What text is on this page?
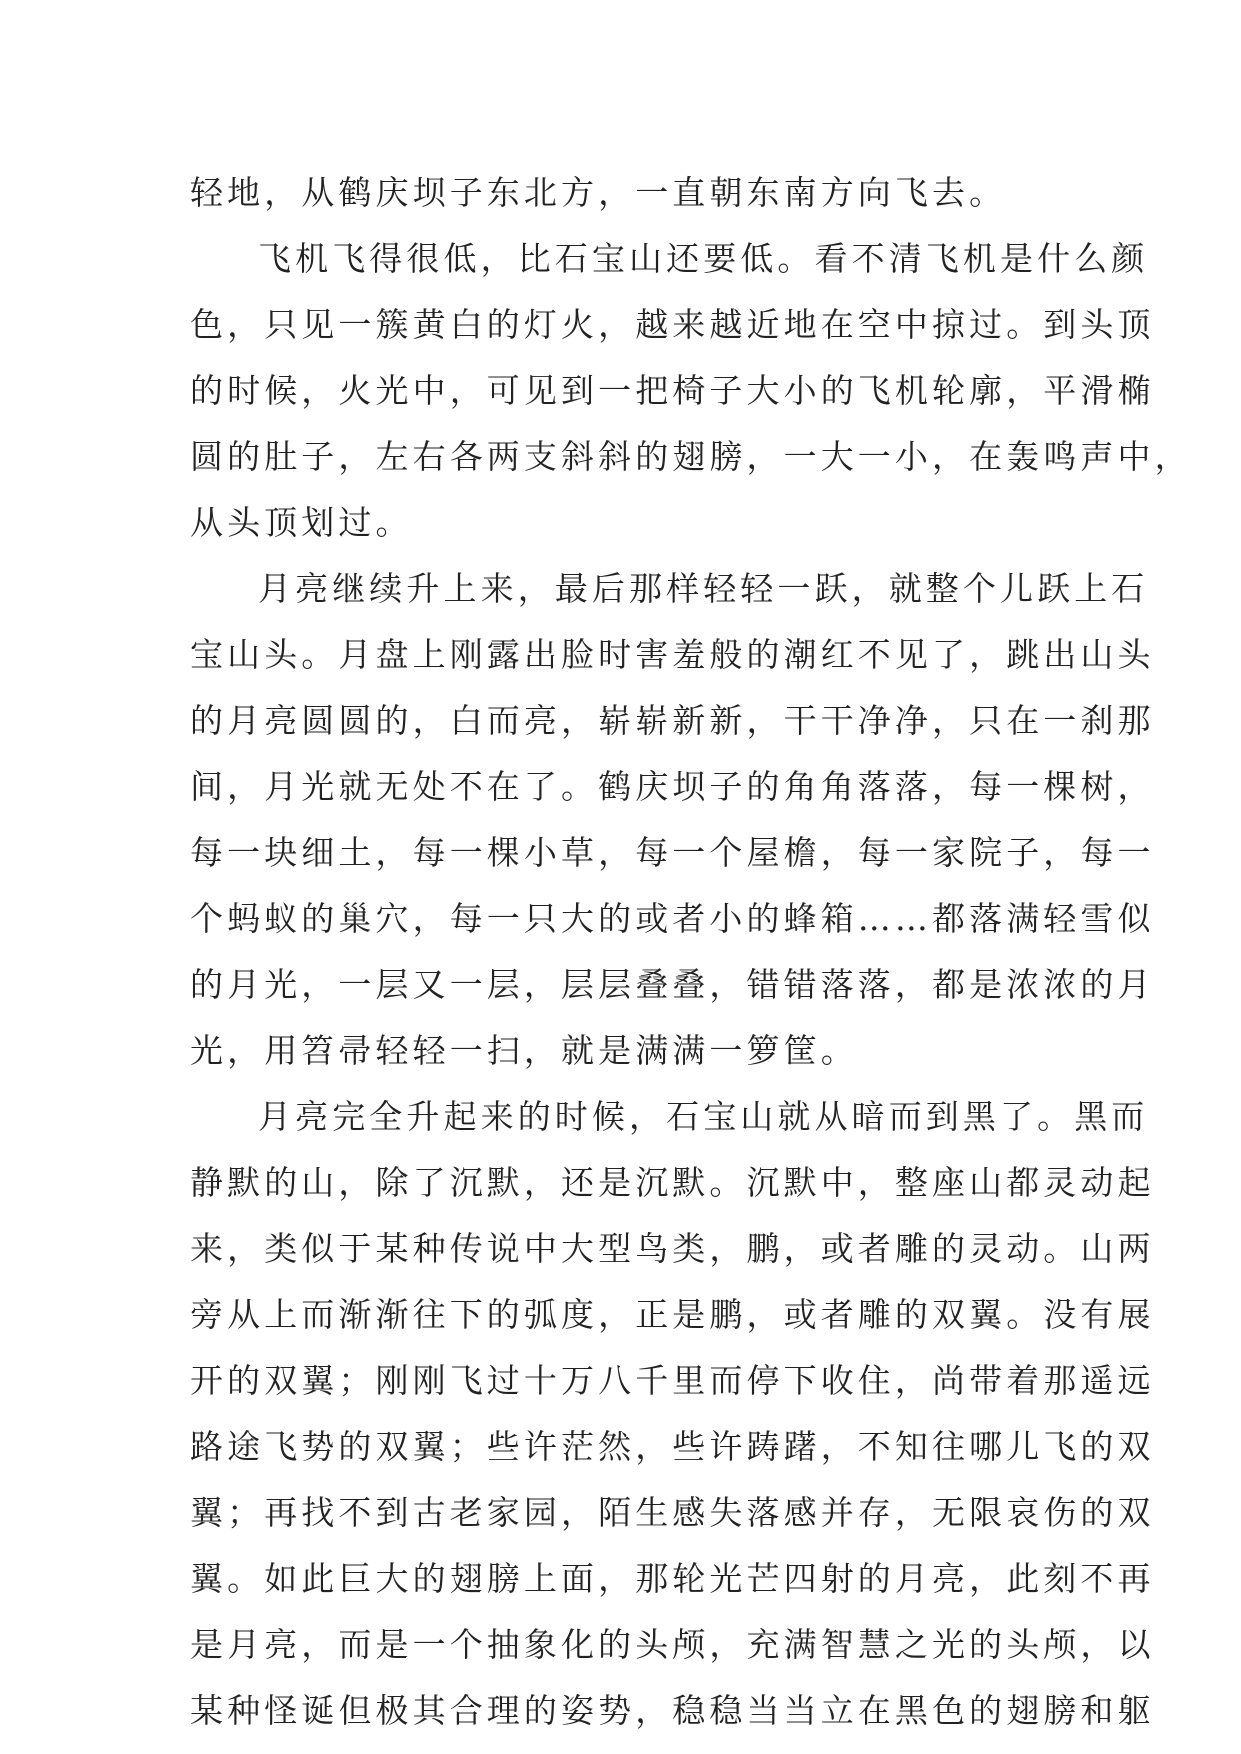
轻地，从鹤庆坝子东北方，一直朝东南方向飞去。
飞机飞得很低，比石宝山还要低。看不清飞机是什么颜
色，只见一簇黄白的灯火，越来越近地在空中掠过。到头顶
的时候，火光中，可见到一把椅子大小的飞机轮廓，平滑椭
圆的肚子，左右各两支斜斜的翅膀，一大一小，在轰鸣声中，
从头顶划过。
月亮继续升上来，最后那样轻轻一跃，就整个儿跃上石
宝山头。月盘上刚露出脸时害羞般的潮红不见了，跳出山头
的月亮圆圆的，白而亮，崭崭新新，干干净净，只在一刹那
间，月光就无处不在了。鹤庆坝子的角角落落，每一棵树，
每一块细土，每一棵小草，每一个屋檐，每一家院子，每一
个蚂蚁的巢穴，每一只大的或者小的蜂箱……都落满轻雪似
的月光，一层又一层，层层叠叠，错错落落，都是浓浓的月
光，用笤帚轻轻一扫，就是满满一箩筐。
月亮完全升起来的时候，石宝山就从暗而到黑了。黑而
静默的山，除了沉默，还是沉默。沉默中，整座山都灵动起
来，类似于某种传说中大型鸟类，鹏，或者雕的灵动。山两
旁从上而渐渐往下的弧度，正是鹏，或者雕的双翼。没有展
开的双翼；刚刚飞过十万八千里而停下收住，尚带着那遥远
路途飞势的双翼；些许茫然，些许踌躇，不知往哪儿飞的双
翼；再找不到古老家园，陌生感失落感并存，无限哀伤的双
翼。如此巨大的翅膀上面，那轮光芒四射的月亮，此刻不再
是月亮，而是一个抽象化的头颅，充满智慧之光的头颅，以
某种怪诞但极其合理的姿势，稳稳当当立在黑色的翅膀和躯
